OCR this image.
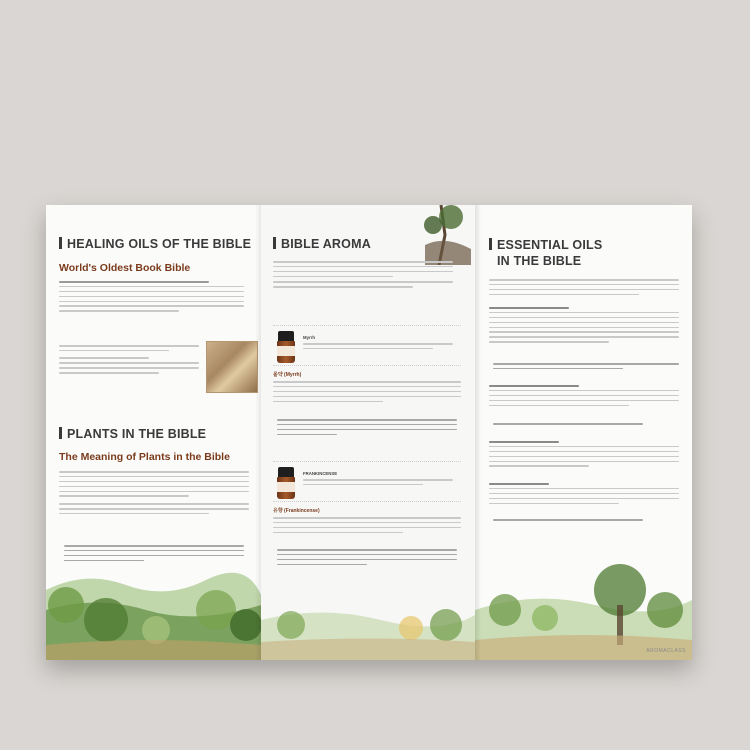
HEALING OILS OF THE BIBLE
World's Oldest Book Bible
PLANTS IN THE BIBLE
The Meaning of Plants in the Bible
BIBLE AROMA
Myrrh
몰약 (Myrrh)
FRANKINCENSE
유향 (Frankincense)
ESSENTIAL OILS
IN THE BIBLE
AROMACLASS
